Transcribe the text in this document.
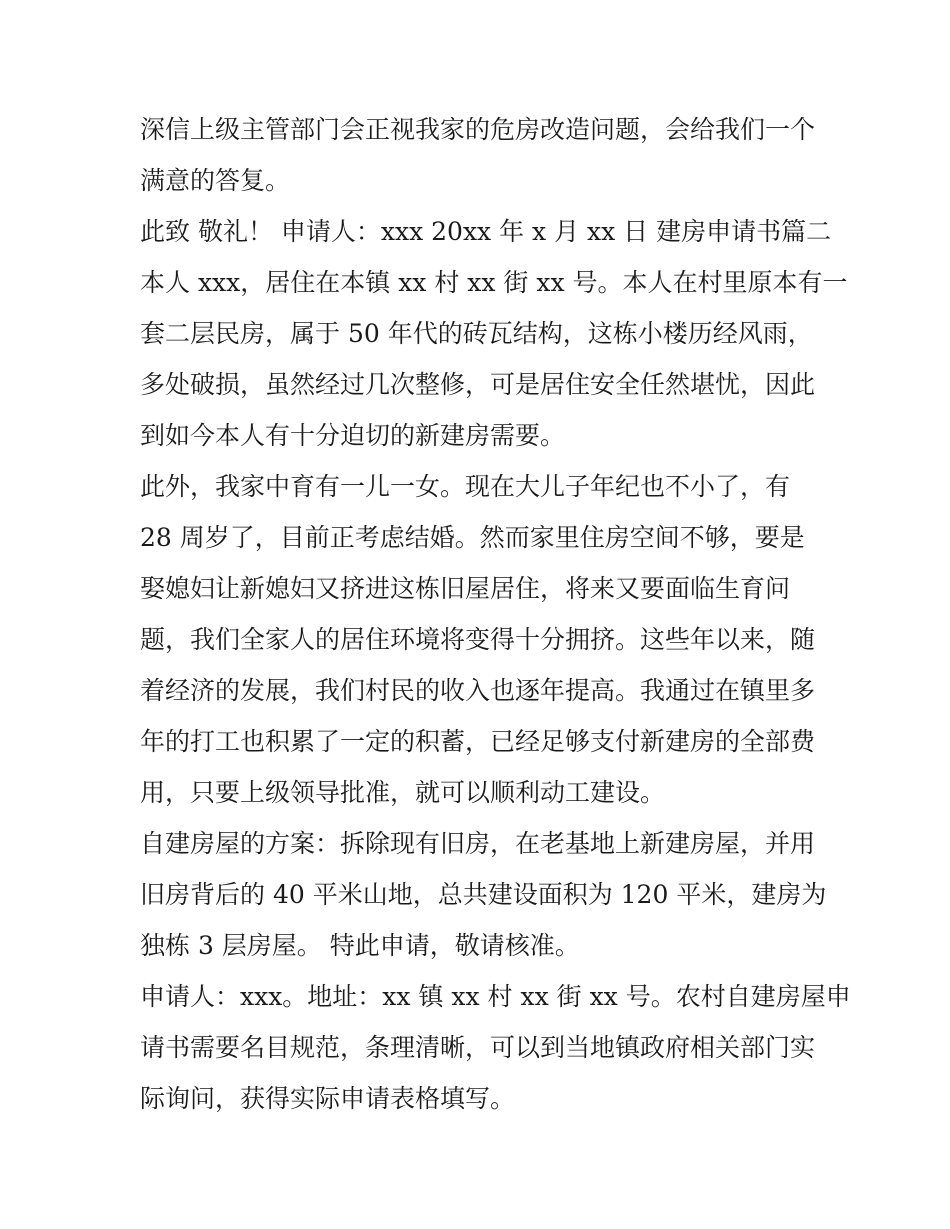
深信上级主管部门会正视我家的危房改造问题，会给我们一个
满意的答复。
此致 敬礼！ 申请人：xxx 20xx 年 x 月 xx 日 建房申请书篇二
本人 xxx，居住在本镇 xx 村 xx 街 xx 号。本人在村里原本有一
套二层民房，属于 50 年代的砖瓦结构，这栋小楼历经风雨，
多处破损，虽然经过几次整修，可是居住安全任然堪忧，因此
到如今本人有十分迫切的新建房需要。
此外，我家中育有一儿一女。现在大儿子年纪也不小了，有
28 周岁了，目前正考虑结婚。然而家里住房空间不够，要是
娶媳妇让新媳妇又挤进这栋旧屋居住，将来又要面临生育问
题，我们全家人的居住环境将变得十分拥挤。这些年以来，随
着经济的发展，我们村民的收入也逐年提高。我通过在镇里多
年的打工也积累了一定的积蓄，已经足够支付新建房的全部费
用，只要上级领导批准，就可以顺利动工建设。
自建房屋的方案：拆除现有旧房，在老基地上新建房屋，并用
旧房背后的 40 平米山地，总共建设面积为 120 平米，建房为
独栋 3 层房屋。 特此申请，敬请核准。
申请人：xxx。地址：xx 镇 xx 村 xx 街 xx 号。农村自建房屋申
请书需要名目规范，条理清晰，可以到当地镇政府相关部门实
际询问，获得实际申请表格填写。
